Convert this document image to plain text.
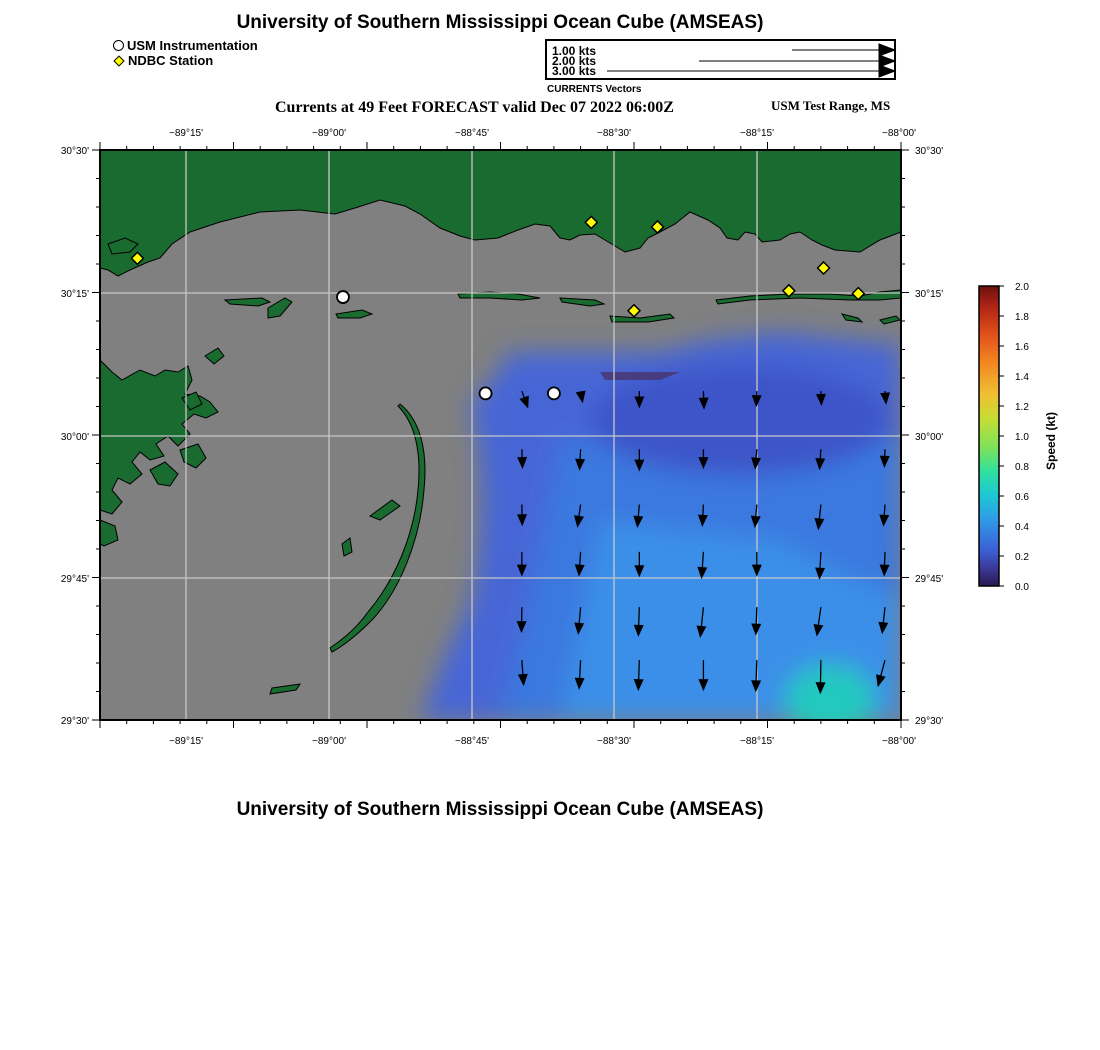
University of Southern Mississippi Ocean Cube (AMSEAS)
USM Instrumentation
NDBC Station
1.00 kts
2.00 kts
3.00 kts
CURRENTS Vectors
Currents at 49 Feet FORECAST valid Dec 07 2022 06:00Z	USM Test Range, MS
−89°15'	−89°00'	−88°45'	−88°30'	−88°15'	−88°00'
−89°15'	−89°00'	−88°45'	−88°30'	−88°15'	−88°00'
30°30'
30°15'
30°00'
29°45'
29°30'
30°30'
30°15'
30°00'
29°45'
29°30'
2.0
1.8
1.6
1.4
1.2
1.0
0.8
0.6
0.4
0.2
0.0
Speed (kt)
University of Southern Mississippi Ocean Cube (AMSEAS)
